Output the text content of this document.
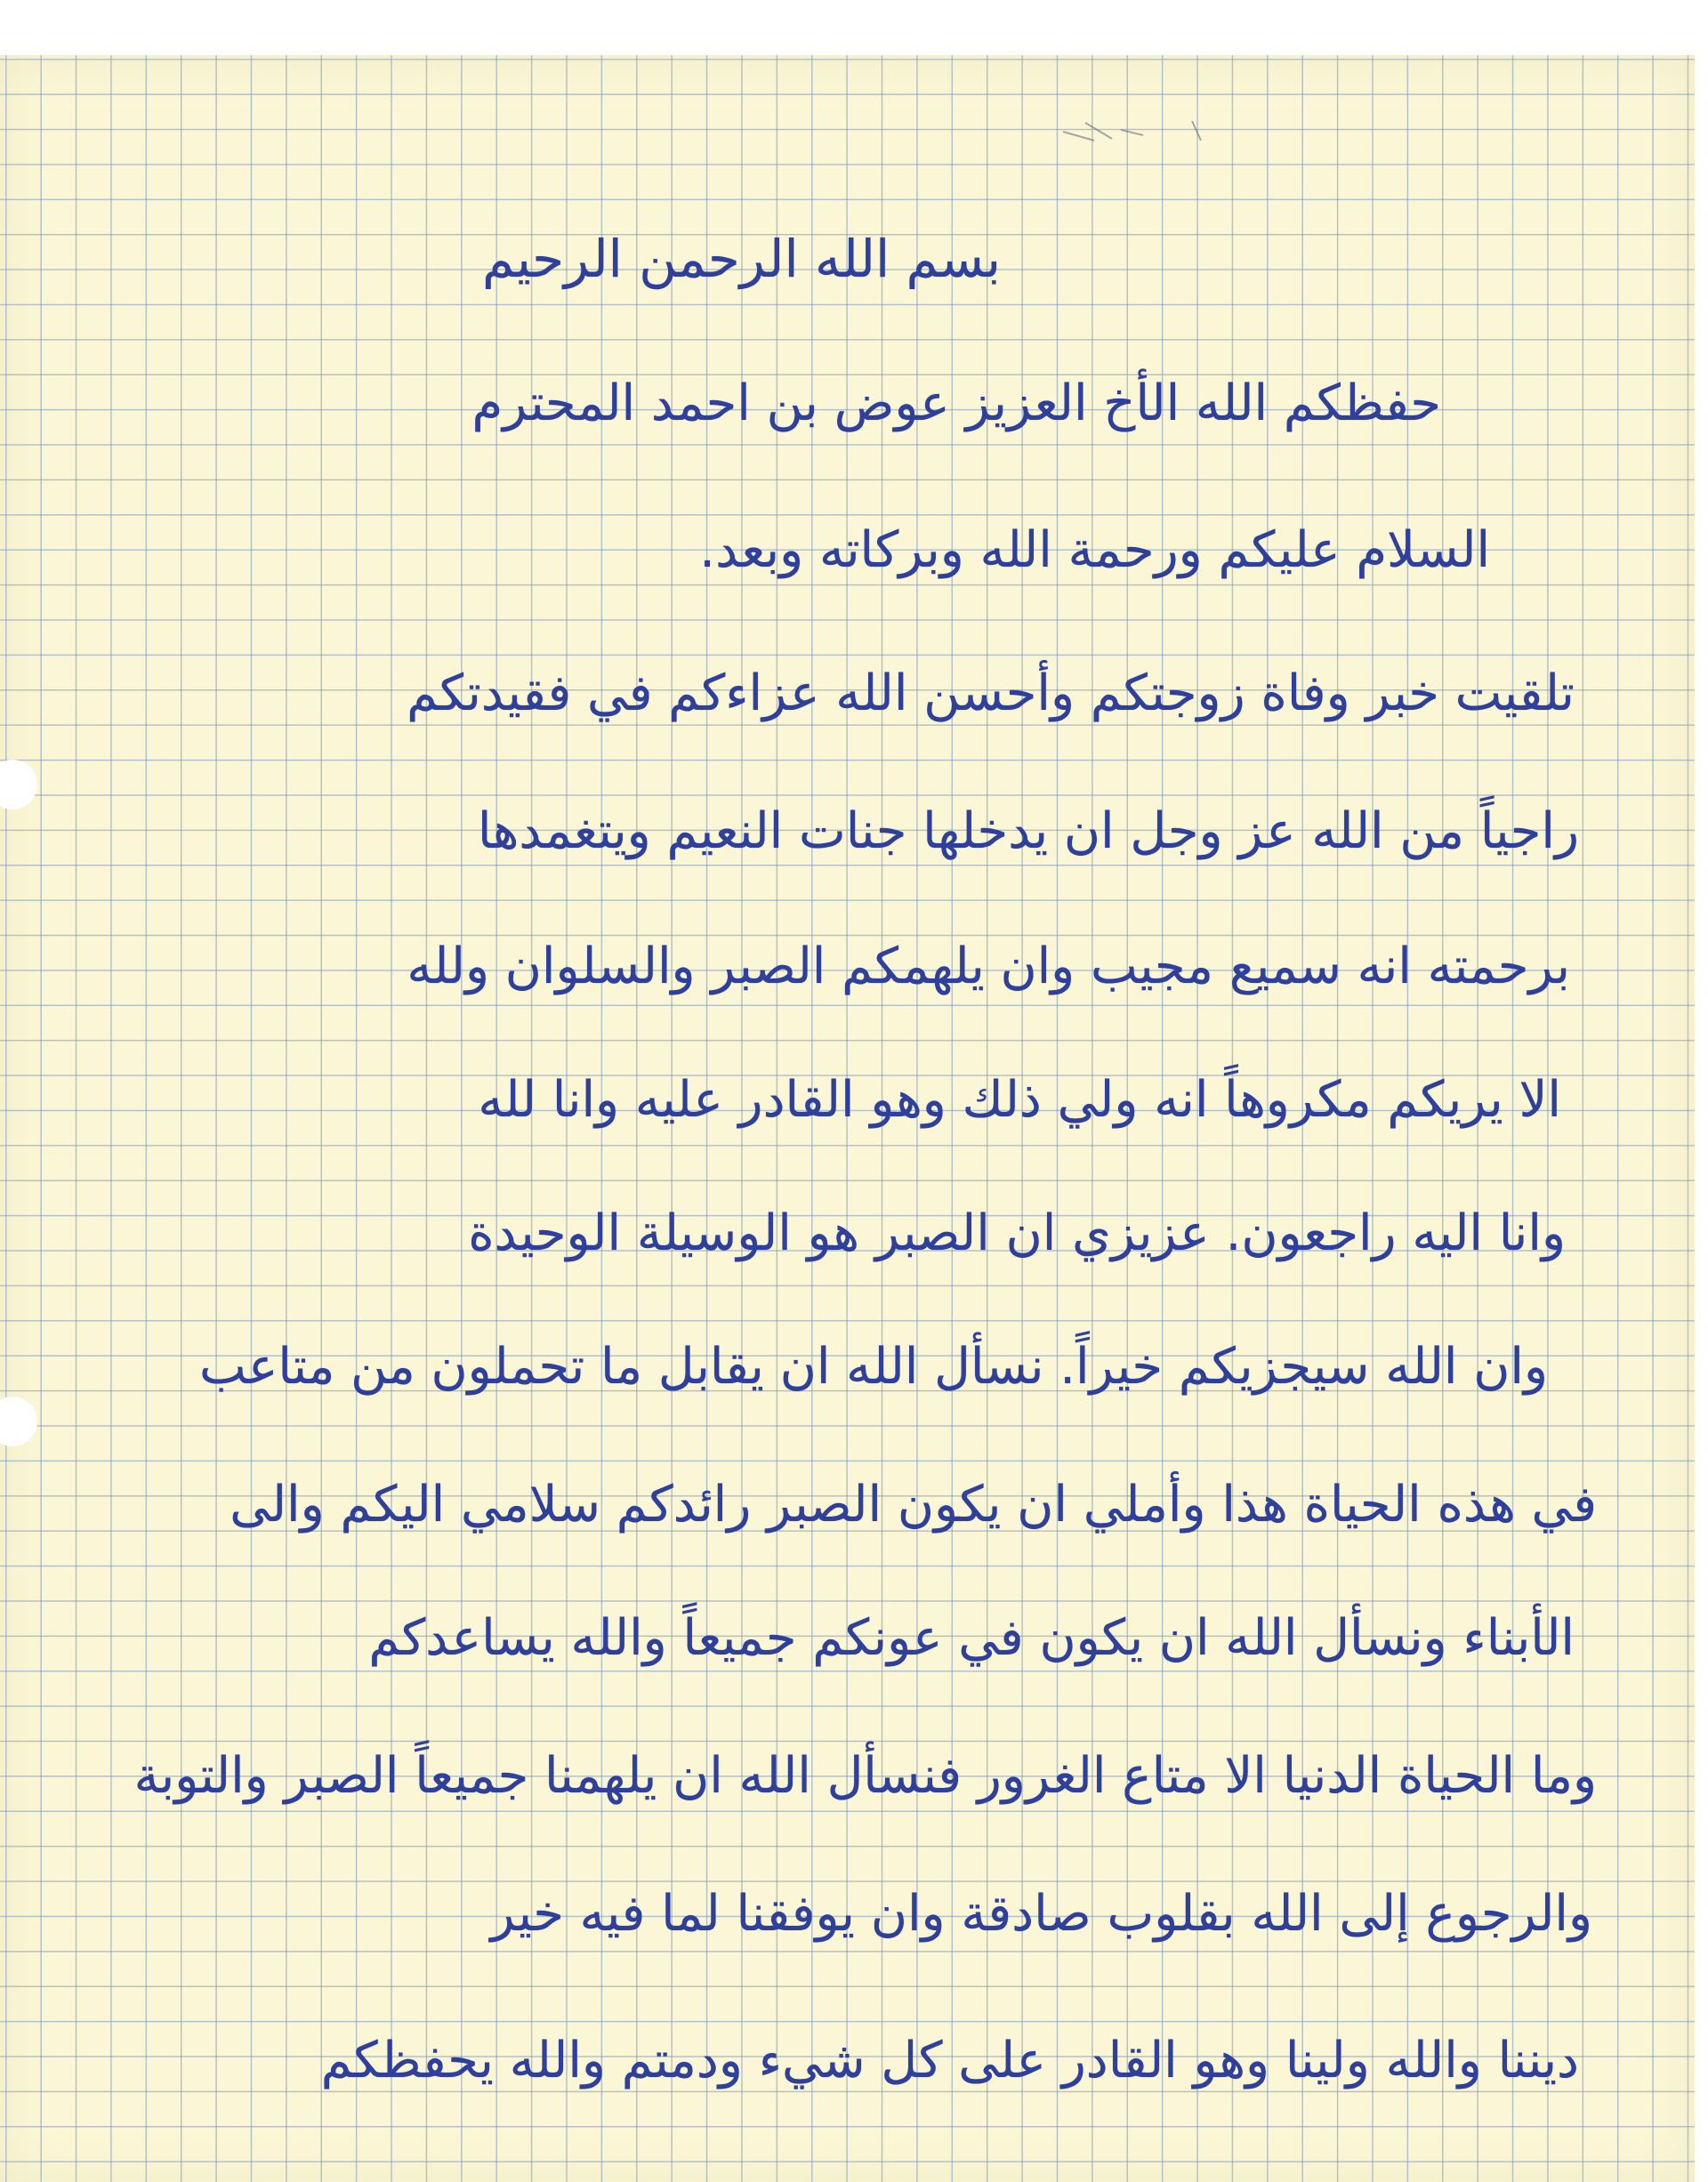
بسم الله الرحمن الرحيم
حفظكم الله الأخ العزيز عوض بن احمد المحترم
السلام عليكم ورحمة الله وبركاته وبعد.
تلقيت خبر وفاة زوجتكم وأحسن الله عزاءكم في فقيدتكم
راجياً من الله عز وجل ان يدخلها جنات النعيم ويتغمدها
برحمته انه سميع مجيب وان يلهمكم الصبر والسلوان ولله
الا يريكم مكروهاً انه ولي ذلك وهو القادر عليه وانا لله
وانا اليه راجعون. عزيزي ان الصبر هو الوسيلة الوحيدة
وان الله سيجزيكم خيراً. نسأل الله ان يقابل ما تحملون من متاعب
في هذه الحياة هذا وأملي ان يكون الصبر رائدكم سلامي اليكم والى
الأبناء ونسأل الله ان يكون في عونكم جميعاً والله يساعدكم
وما الحياة الدنيا الا متاع الغرور فنسأل الله ان يلهمنا جميعاً الصبر والتوبة
والرجوع إلى الله بقلوب صادقة وان يوفقنا لما فيه خير
ديننا والله ولينا وهو القادر على كل شيء ودمتم والله يحفظكم
